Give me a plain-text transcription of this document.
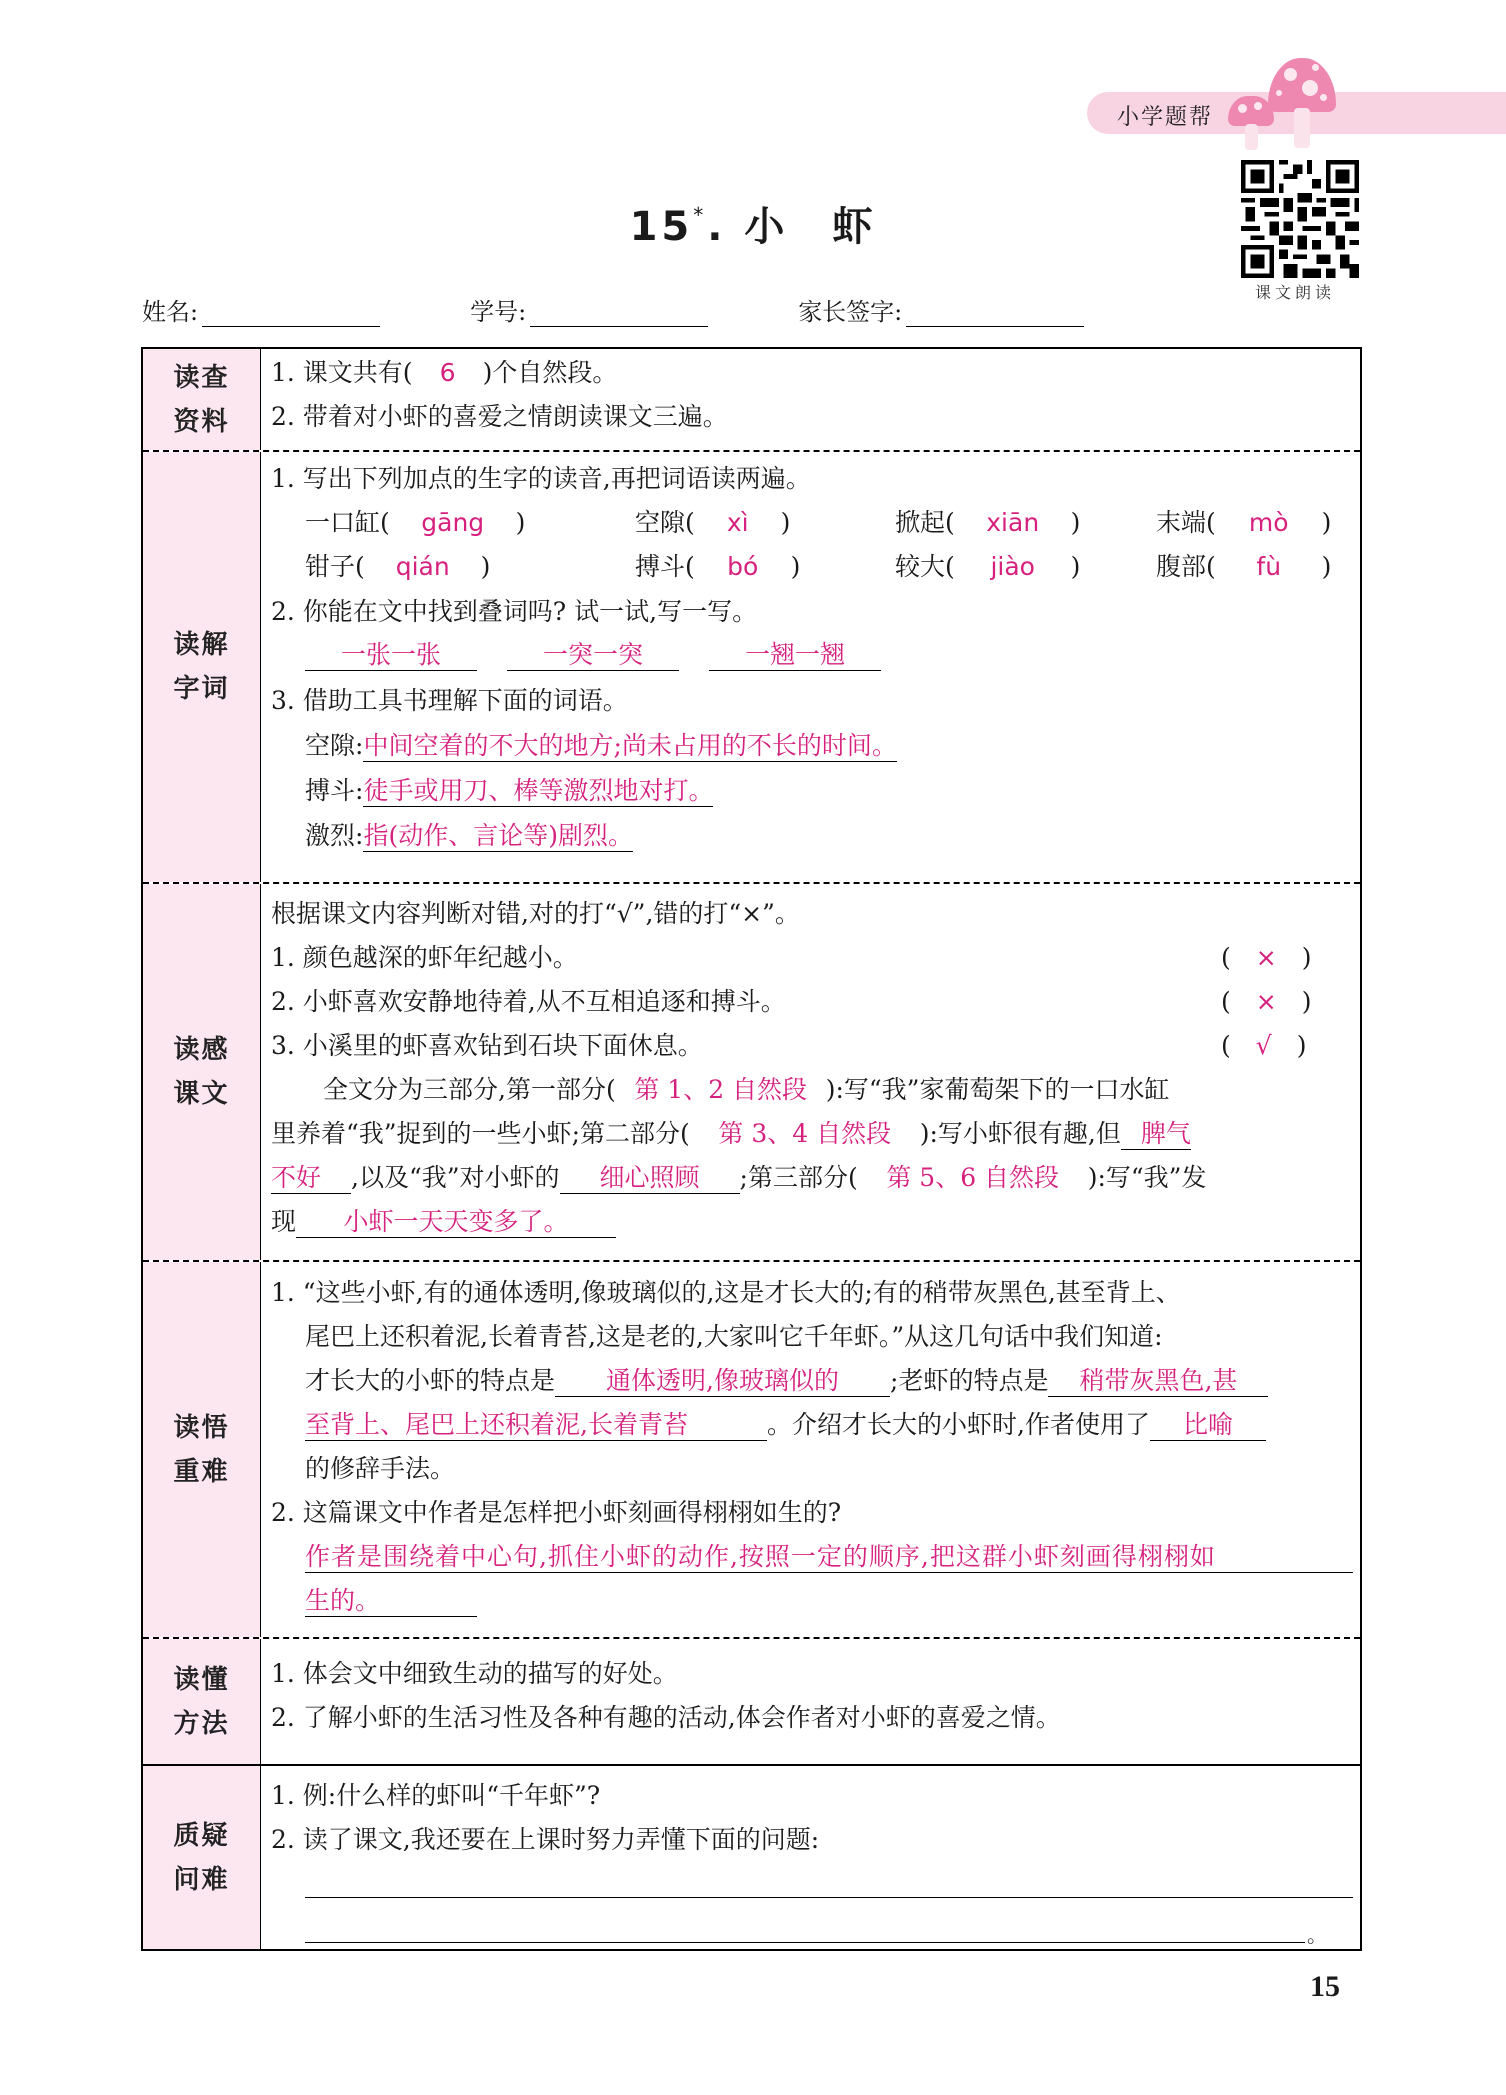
小学题帮
课文朗读
15*. 小　虾
姓名:	学号:	家长签字:
读查
资料
1. 课文共有( 6 )个自然段。
2. 带着对小虾的喜爱之情朗读课文三遍。
读解
字词
1. 写出下列加点的生字的读音,再把词语读两遍。
一口缸( gāng )	空隙( xì )	掀起( xiān )	末端( mò )
钳子( qián )	搏斗( bó )	较大( jiào )	腹部( fù )
2. 你能在文中找到叠词吗? 试一试,写一写。
一张一张	一突一突	一翘一翘
3. 借助工具书理解下面的词语。
空隙:中间空着的不大的地方;尚未占用的不长的时间。
搏斗:徒手或用刀、棒等激烈地对打。
激烈:指(动作、言论等)剧烈。
读感
课文
根据课文内容判断对错,对的打“√”,错的打“×”。
1. 颜色越深的虾年纪越小。	(　×　)
2. 小虾喜欢安静地待着,从不互相追逐和搏斗。	(　×　)
3. 小溪里的虾喜欢钻到石块下面休息。	(　√　)
全文分为三部分,第一部分( 第 1、2 自然段 ):写“我”家葡萄架下的一口水缸
里养着“我”捉到的一些小虾;第二部分( 第 3、4 自然段 ):写小虾很有趣,但 脾气
不好 ,以及“我”对小虾的 细心照顾 ;第三部分( 第 5、6 自然段 ):写“我”发
现 小虾一天天变多了。
读悟
重难
1. “这些小虾,有的通体透明,像玻璃似的,这是才长大的;有的稍带灰黑色,甚至背上、
尾巴上还积着泥,长着青苔,这是老的,大家叫它千年虾。”从这几句话中我们知道:
才长大的小虾的特点是 通体透明,像玻璃似的 ;老虾的特点是 稍带灰黑色,甚
至背上、尾巴上还积着泥,长着青苔	。介绍才长大的小虾时,作者使用了 比喻
的修辞手法。
2. 这篇课文中作者是怎样把小虾刻画得栩栩如生的?
作者是围绕着中心句,抓住小虾的动作,按照一定的顺序,把这群小虾刻画得栩栩如
生的。
读懂
方法
1. 体会文中细致生动的描写的好处。
2. 了解小虾的生活习性及各种有趣的活动,体会作者对小虾的喜爱之情。
质疑
问难
1. 例:什么样的虾叫“千年虾”?
2. 读了课文,我还要在上课时努力弄懂下面的问题:
。
15
